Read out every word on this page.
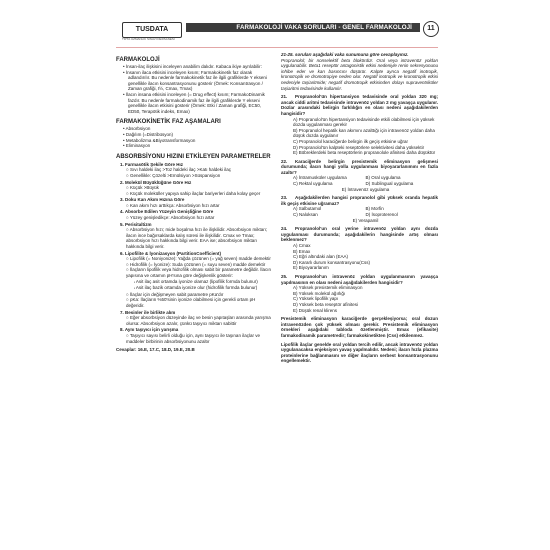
TUSDATA
TIPTA UZMANLIK SINAVI DERSANESİ
FARMAKOLOJİ VAKA SORULARI - GENEL FARMAKOLOJİ	11
FARMAKOLOJİ

• İnsan-ilaç ilişkisini inceleyen anabilim dalıdır. Kabaca ikiye ayrılabilir:

• İnsanın ilaca etkisini inceleyen kısım; Farmakokinetik faz olarak adlandırılır. Bu nedenle farmakokinetik faz ile ilgili grafiklerde Y ekseni genellikle ilacın konsantrasyonunu gösterir (Örnek: Konsantrasyon / Zaman grafiği, t½, Cmax, Tmax)

• İlacın insana etkisini inceleyen (= Drug effect) kısım; FarmakoDinamik fazdır. Bu nedenle farmakodinamik faz ile ilgili grafiklerde Y ekseni genellikle ilacın etkisini gösterir (Örnek: Etki / Zaman grafiği, EC50, ED50, Terapötik indeks, Emax)

FARMAKOKİNETİK FAZ AŞAMALARI

• Absorbsiyon

• Dağılım (=Distribüsyon)

• Metabolizma &Biyotransformasyon

• Eliminasyon

ABSORBSİYONU HIZINI ETKİLEYEN PARAMETRELER
1. Farmasötik Şekile Göre Hız
○ Sıvı haldeki ilaç >Toz haldeki ilaç >Katı haldeki ilaç
○ Genellikle: Çözelti >Emülsiyon >Süspansiyon
2. Molekül Büyüklüğüne Göre Hız
○ Küçük >Büyük
○ Küçük moleküller yapıya sahip ilaçlar bariyerleri daha kolay geçer
3. Doku Kan Akım Hızına Göre
○ Kan akım hızı arttıkça: Absorbsiyon hızı artar
4. Absorbe Edilen Yüzeyin Genişliğine Göre
○ Yüzey genişledikçe: Absorbsiyon hızı artar
5. Perisitaltizm
○ Absorbsiyon hızı; mide boşalma hızı ile ilişkilidir. Absorbsiyon miktarı; ilacın ince bağırsaklarda kalış süresi ile ilişkilidir. Cmax ve Tmax; absorbsiyon hızı hakkında bilgi verir. EAA ise; absorbsiyon miktarı hakkında bilgi verir.
6. Lipofilite & İyonizasyon (PartitionCoefficient)
○ Lipofilik (= Noniyonize): Yağda çözünen (= yağ seven) madde demektir
○ Hidrofilik (= İyonize): Suda çözünen (= suyu seven) madde demektir
○ İlaçların lipofilik veya hidrofilik olması sabit bir parametre değildir. İlacın yapısına ve ortamın pH'sına göre değişkenlik gösterir:
▪ Asit ilaç asit ortamda iyonize olamaz (lipofilik formda bulunur)
▪ Asit ilaç bazik ortamda iyonize olur (hidrofilik formda bulunur)
○ İlaçlar için değişmeyen sabit parametre pKa'dır
○ pKa: İlaçların %50'sinin iyonize olabilmesi için gerekli ortam pH değeridir.
7. Besinler ile birlikte alım
○ Eğer absorbsiyon düzeyinde ilaç ve besin yapıtaşları arasında yarışma olursa: Absorbsiyon azalır, çünkü taşıyıcı miktarı sabittir
8. Aynı taşıyıcı için yarışma
○ Taşıyıcı sayısı belirli olduğu için, aynı taşıyıcı ile taşınan ilaçlar ve maddeler birbirinin absorbsiyonunu azaltır
Cevaplar: 16.E, 17.C, 18.D, 19.E, 20.B
21-25. soruları aşağıdaki vaka sunumuna göre cevaplayınız.
Propranolol; bir nonselektif beta blokördür. Oral veya intravenöz yoldan uygulanabilir. Beta1 reseptör antagonistik etkisi nedeniyle renin sekresyonunu inhibe eder ve kan basıncını düşürür. Kalpte ayrıca negatif inotropik, kronotropik ve dromotropiye neden olur. Negatif inotropik ve kronotropik etkisi nedeniyle taşiaritmide; negatif dromotropik etkisinden dolayı supraventriküler taşiaritmi tedavisinde kullanılır.
21. Propranolol'ün hipertansiyon tedavisinde oral yoldan 320 mg; ancak ciddi aritmi tedavisinde intravenöz yoldan 2 mg yavaşça uygulanır. Dozlar arasındaki belirgin farklılığın en olası nedeni aşağıdakilerden hangisidir?
A) Propranolol'ün hipertansiyon tedavisinde etkili olabilmesi için yüksek dozda uygulanması gerekir
B) Propranolol hepatik kan akımını azalttığı için intravenöz yoldan daha düşük dozda uygulanır
C) Propranolol karaciğerde belirgin ilk geçiş etkisine uğrar
D) Propranolol'ün kalpteki reseptörlere selektivitesi daha yüksektir
E) Böbreklerdeki beta reseptörlerin propranolole afinitesi daha düşüktür
22. Karaciğerde belirgin presistemik eliminasyon gelişmesi durumunda; ilacın hangi yolla uygulanması biyoyararlanımını en fazla azaltır?
A) İntramusküler uygulama	B) Oral uygulama
C) Rektal uygulama	D) Sublingual uygulama
E) İntravenöz uygulama
23. Aşağıdakilerden hangisi propranolol gibi yüksek oranda hepatik ilk geçiş etkisine uğramaz?
A) Salbutamol	B) Morfin
C) Naloksan	D) İsoproterenol
E) Verapamil
24. Propranolol'un oral yerine intravenöz yoldan aynı dozda uygulanması durumunda; aşağıdakilerin hangisinde artış olması beklenmez?
A) Cmax
B) Emax
C) Eğri altındaki alan (EAA)
D) Kararlı durum konsantrasyonu(Css)
E) Biyoyararlanım
25. Propranolol'un intravenöz yoldan uygulanmasının yavaşça yapılmasının en olası nedeni aşağıdakilerden hangisidir?
A) Yüksek presistemik eliminasyon
B) Yüksek molekül ağırlığı
C) Yüksek lipofilik yapı
D) Yüksek beta reseptör afinitesi
E) Düşük renal klirens
Presistemik eliminasyon karaciğerde gerçekleşiyorsa; oral dozun intravenözden çok yüksek olması gerekir. Presistemik eliminasyon örnekleri aşağıdaki tabloda özetlenmiştir. Emax (efikasite) farmakodinamik parametredir; farmakokinetikten (Css) etkilenmez.
Lipofilik ilaçlar genelde oral yoldan tercih edilir, ancak intravenöz yoldan uygulanacaksa enjeksiyon yavaş yapılmalıdır. Nedeni; ilacın hızla plazma proteinlerine bağlanmasını ve diğer ilaçların serbest konsantrasyonunu engellemektir.
